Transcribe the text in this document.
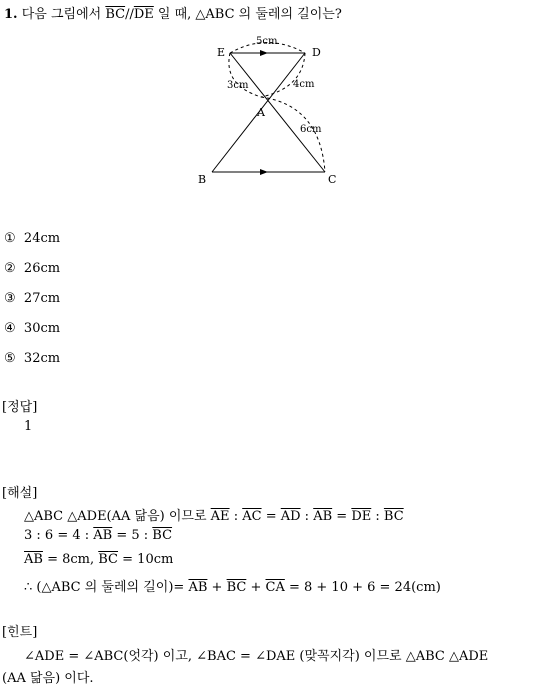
1. 다음 그림에서 $\overline{BC}//\overline{DE}$ 일 때, △ABC 의 둘레의 길이는?
E	D
A
B	C
5cm
4cm
3cm
6cm
① 24cm
② 26cm
③ 27cm
④ 30cm
⑤ 32cm
[정답]
1
[해설]
△ABC △ADE(AA 닮음) 이므로 $\overline{AE}$ : $\overline{AC} = \overline{AD}$ : $\overline{AB} = \overline{DE}$ : $\overline{BC}$
3 : 6 = 4 : $\overline{AB} = 5$ : $\overline{BC}$
$\overline{AB} = 8cm$, $\overline{BC} = 10cm$
∴ (△ABC 의 둘레의 길이)= $\overline{AB} + \overline{BC} + \overline{CA} = 8 + 10 + 6 = 24(cm)$
[힌트]
∠ADE = ∠ABC(엇각) 이고, ∠BAC = ∠DAE (맞꼭지각) 이므로 △ABC △ADE
(AA 닮음) 이다.
